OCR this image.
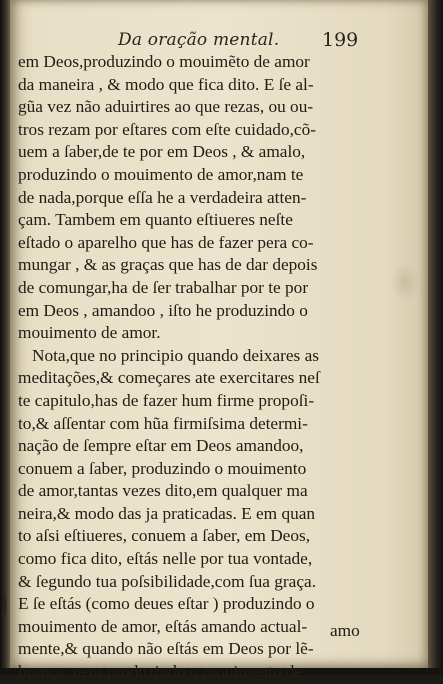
Da oração mental. 199
em Deos,produzindo o mouimẽto de amor
da maneira , & modo que fica dito. E ſe al-
gũa vez não aduirtires ao que rezas, ou ou-
tros rezam por eſtares com eſte cuidado,cõ-
uem a ſaber,de te por em Deos , & amalo,
produzindo o mouimento de amor,nam te
de nada,porque eſſa he a verdadeira atten-
çam. Tambem em quanto eſtiueres neſte
eſtado o aparelho que has de fazer pera co-
mungar , & as graças que has de dar depois
de comungar,ha de ſer trabalhar por te por
em Deos , amandoo , iſto he produzindo o
mouimento de amor.
Nota,que no principio quando deixares as
meditações,& começares ate exercitares neſ
te capitulo,has de fazer hum firme propoſi-
to,& aſſentar com hũa firmiſsima determi-
nação de ſempre eſtar em Deos amandoo,
conuem a ſaber, produzindo o mouimento
de amor,tantas vezes dito,em qualquer ma
neira,& modo das ja praticadas. E em quan
to aſsi eſtiueres, conuem a ſaber, em Deos,
como fica dito, eſtás nelle por tua vontade,
& ſegundo tua poſsibilidade,com ſua graça.
E ſe eſtás (como deues eſtar ) produzindo o
mouimento de amor, eſtás amando actual-
mente,& quando não eſtás em Deos por lẽ-
brança, nem produzindo o mouimento de
amo
